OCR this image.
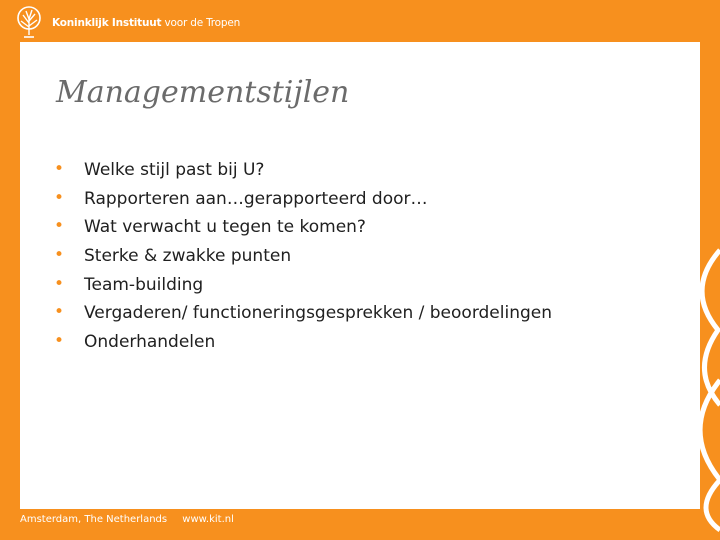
Koninklijk Instituut voor de Tropen
Managementstijlen
• Welke stijl past bij U?
• Rapporteren aan…gerapporteerd door…
• Wat verwacht u tegen te komen?
• Sterke & zwakke punten
• Team-building
• Vergaderen/ functioneringsgesprekken / beoordelingen
• Onderhandelen
Amsterdam, The Netherlands www.kit.nl
